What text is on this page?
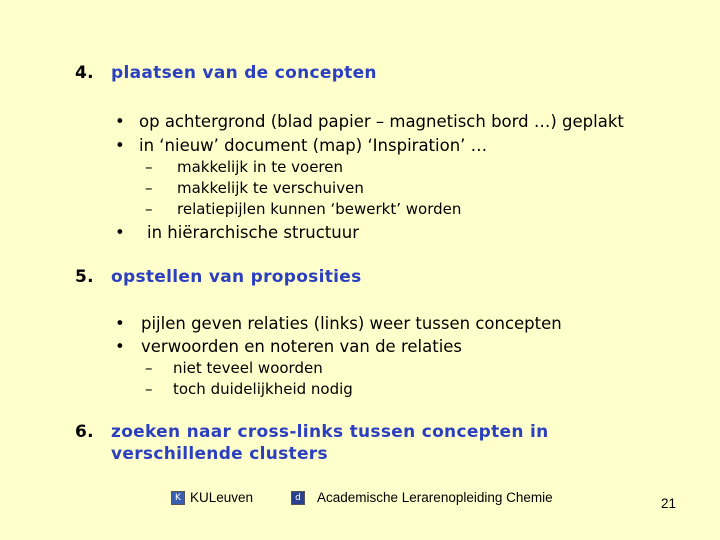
4. plaatsen van de concepten
• op achtergrond (blad papier – magnetisch bord …) geplakt
• in ‘nieuw’ document (map) ‘Inspiration’ …
– makkelijk in te voeren
– makkelijk te verschuiven
– relatiepijlen kunnen ‘bewerkt’ worden
• in hiërarchische structuur
5. opstellen van proposities
• pijlen geven relaties (links) weer tussen concepten
• verwoorden en noteren van de relaties
– niet teveel woorden
– toch duidelijkheid nodig
6. zoeken naar cross-links tussen concepten in
verschillende clusters
K KULeuven	d	Academische Lerarenopleiding Chemie	21
